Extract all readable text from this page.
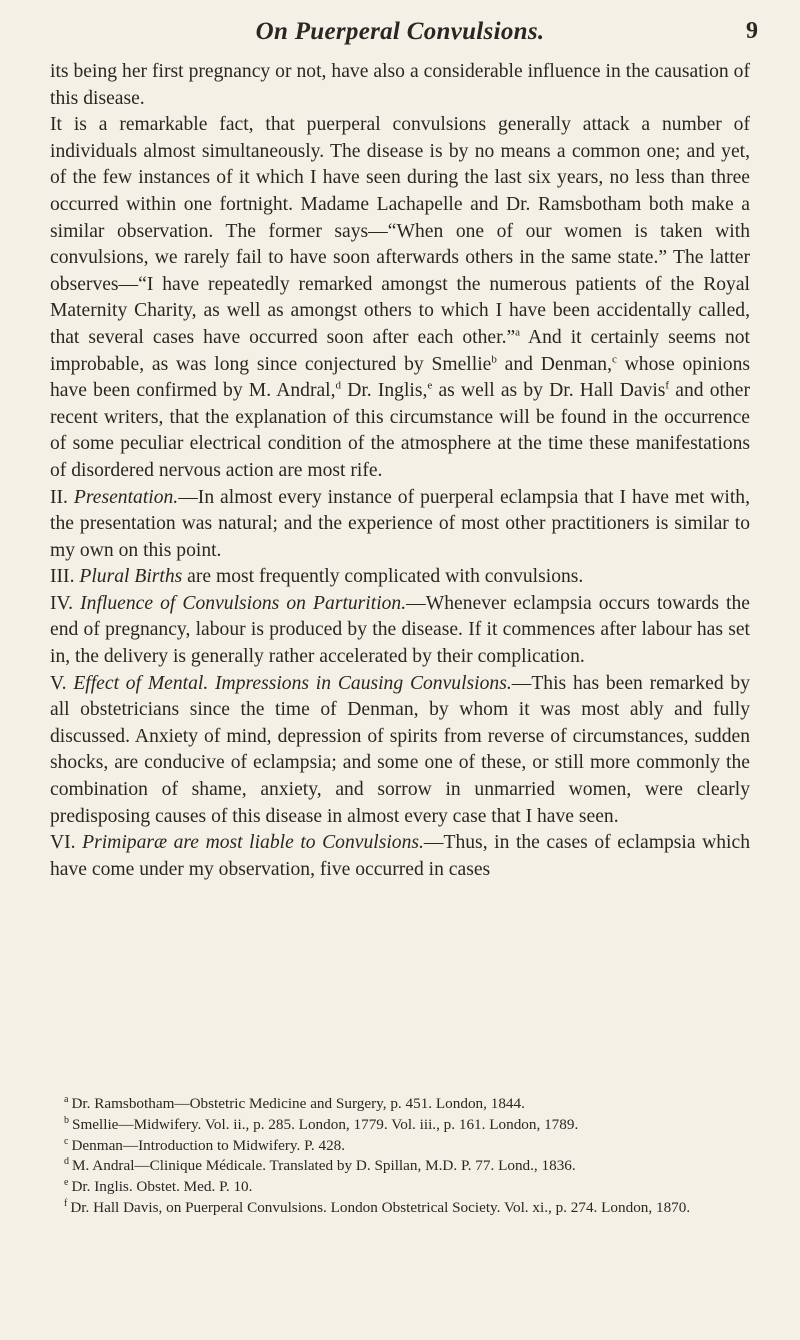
On Puerperal Convulsions.	9

its being her first pregnancy or not, have also a considerable influence in the causation of this disease.

It is a remarkable fact, that puerperal convulsions generally attack a number of individuals almost simultaneously. The disease is by no means a common one; and yet, of the few instances of it which I have seen during the last six years, no less than three occurred within one fortnight. Madame Lachapelle and Dr. Ramsbotham both make a similar observation. The former says—“When one of our women is taken with convulsions, we rarely fail to have soon afterwards others in the same state.” The latter observes—“I have repeatedly remarked amongst the numerous patients of the Royal Maternity Charity, as well as amongst others to which I have been accidentally called, that several cases have occurred soon after each other.”$^a$ And it certainly seems not improbable, as was long since conjectured by Smellie$^b$ and Denman,$^c$ whose opinions have been confirmed by M. Andral,$^d$ Dr. Inglis,$^e$ as well as by Dr. Hall Davis$^f$ and other recent writers, that the explanation of this circumstance will be found in the occurrence of some peculiar electrical condition of the atmosphere at the time these manifestations of disordered nervous action are most rife.

II. Presentation.—In almost every instance of puerperal eclampsia that I have met with, the presentation was natural; and the experience of most other practitioners is similar to my own on this point.

III. Plural Births are most frequently complicated with convulsions.

IV. Influence of Convulsions on Parturition.—Whenever eclampsia occurs towards the end of pregnancy, labour is produced by the disease. If it commences after labour has set in, the delivery is generally rather accelerated by their complication.

V. Effect of Mental. Impressions in Causing Convulsions.—This has been remarked by all obstetricians since the time of Denman, by whom it was most ably and fully discussed. Anxiety of mind, depression of spirits from reverse of circumstances, sudden shocks, are conducive of eclampsia; and some one of these, or still more commonly the combination of shame, anxiety, and sorrow in unmarried women, were clearly predisposing causes of this disease in almost every case that I have seen.

VI. Primiparæ are most liable to Convulsions.—Thus, in the cases of eclampsia which have come under my observation, five occurred in cases

$^a$ Dr. Ramsbotham—Obstetric Medicine and Surgery, p. 451. London, 1844.

$^b$ Smellie—Midwifery. Vol. ii., p. 285. London, 1779. Vol. iii., p. 161. London, 1789.

$^c$ Denman—Introduction to Midwifery. P. 428.

$^d$ M. Andral—Clinique Médicale. Translated by D. Spillan, M.D. P. 77. Lond., 1836.

$^e$ Dr. Inglis. Obstet. Med. P. 10.

$^f$ Dr. Hall Davis, on Puerperal Convulsions. London Obstetrical Society. Vol. xi., p. 274. London, 1870.
